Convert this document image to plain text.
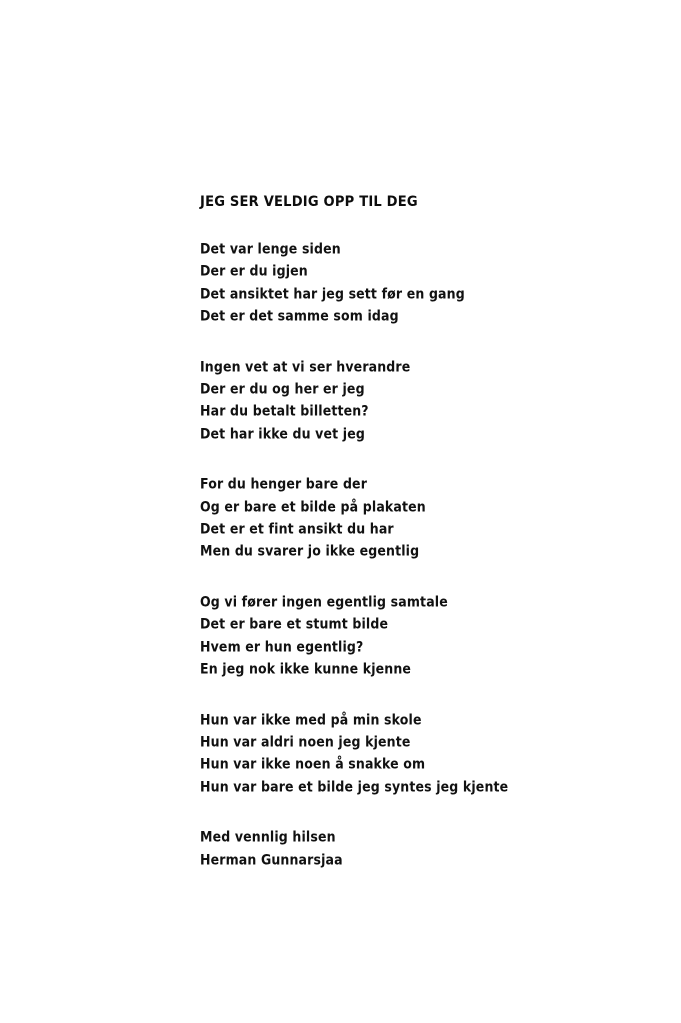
JEG SER VELDIG OPP TIL DEG
Det var lenge siden
Der er du igjen
Det ansiktet har jeg sett før en gang
Det er det samme som idag
Ingen vet at vi ser hverandre
Der er du og her er jeg
Har du betalt billetten?
Det har ikke du vet jeg
For du henger bare der
Og er bare et bilde på plakaten
Det er et fint ansikt du har
Men du svarer jo ikke egentlig
Og vi fører ingen egentlig samtale
Det er bare et stumt bilde
Hvem er hun egentlig?
En jeg nok ikke kunne kjenne
Hun var ikke med på min skole
Hun var aldri noen jeg kjente
Hun var ikke noen å snakke om
Hun var bare et bilde jeg syntes jeg kjente
Med vennlig hilsen
Herman Gunnarsjaa
